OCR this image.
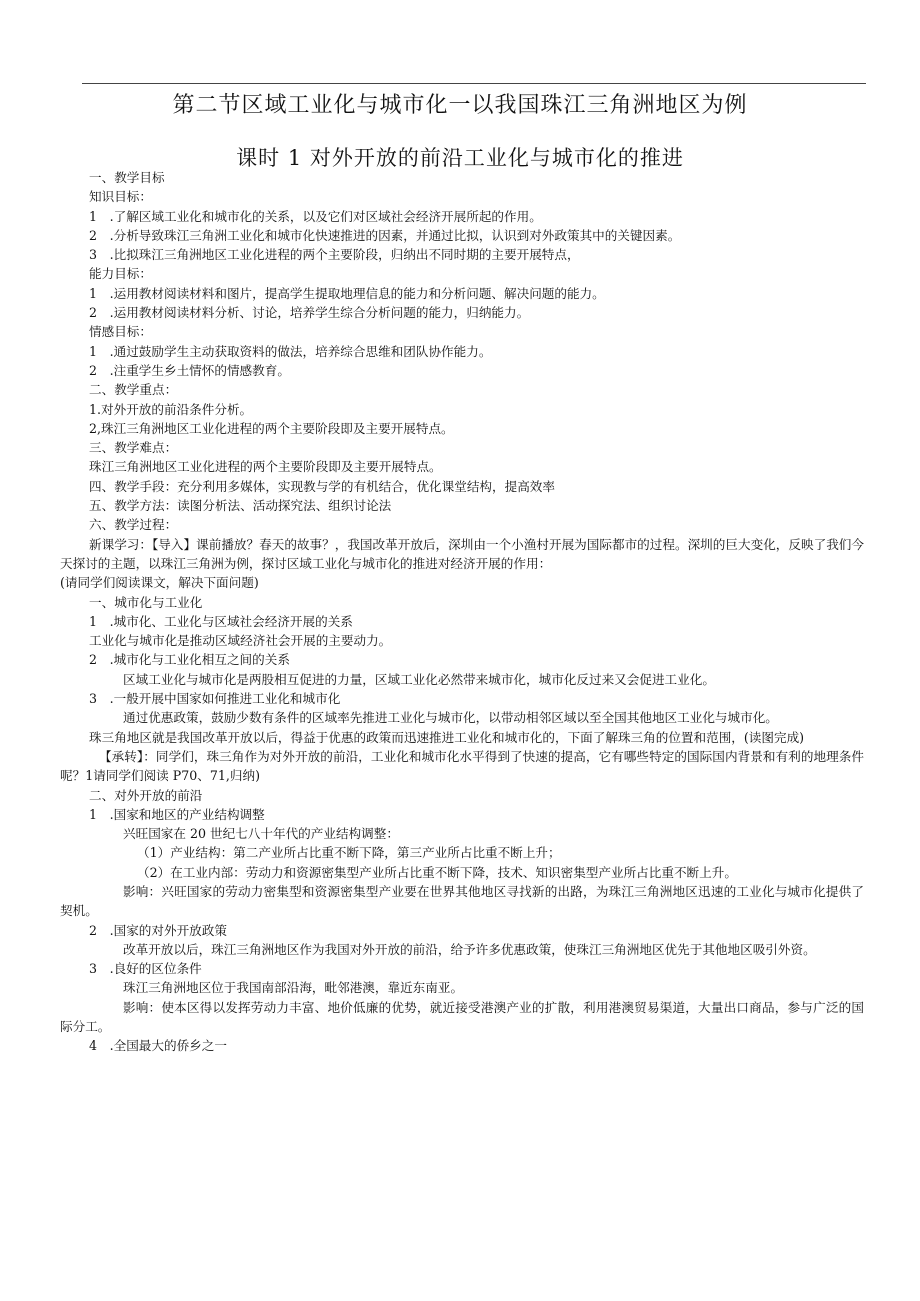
第二节区域工业化与城市化一以我国珠江三角洲地区为例
课时 1 对外开放的前沿工业化与城市化的推进
一、教学目标
知识目标：
1　.了解区域工业化和城市化的关系，以及它们对区域社会经济开展所起的作用。
2　.分析导致珠江三角洲工业化和城市化快速推进的因素，并通过比拟，认识到对外政策其中的关键因素。
3　.比拟珠江三角洲地区工业化进程的两个主要阶段，归纳出不同时期的主要开展特点，
能力目标：
1　.运用教材阅读材料和图片，提高学生提取地理信息的能力和分析问题、解决问题的能力。
2　.运用教材阅读材料分析、讨论，培养学生综合分析问题的能力，归纳能力。
情感目标：
1　.通过鼓励学生主动获取资料的做法，培养综合思维和团队协作能力。
2　.注重学生乡土情怀的情感教育。
二、教学重点：
1.对外开放的前沿条件分析。
2,珠江三角洲地区工业化进程的两个主要阶段即及主要开展特点。
三、教学难点：
珠江三角洲地区工业化进程的两个主要阶段即及主要开展特点。
四、教学手段：充分利用多媒体，实现教与学的有机结合，优化课堂结构，提高效率
五、教学方法：读图分析法、活动探究法、组织讨论法
六、教学过程：
新课学习：【导入】课前播放？春天的故事？，我国改革开放后，深圳由一个小渔村开展为国际都市的过程。深圳的巨大变化，反映了我们今天探讨的主题，以珠江三角洲为例，探讨区域工业化与城市化的推进对经济开展的作用：
(请同学们阅读课文，解决下面问题)
一、城市化与工业化
1　.城市化、工业化与区域社会经济开展的关系
工业化与城市化是推动区域经济社会开展的主要动力。
2　.城市化与工业化相互之间的关系
区域工业化与城市化是两股相互促进的力量，区域工业化必然带来城市化，城市化反过来又会促进工业化。
3　.一般开展中国家如何推进工业化和城市化
通过优惠政策，鼓励少数有条件的区域率先推进工业化与城市化，以带动相邻区域以至全国其他地区工业化与城市化。
珠三角地区就是我国改革开放以后，得益于优惠的政策而迅速推进工业化和城市化的，下面了解珠三角的位置和范围，(读图完成)
【承转】：同学们，珠三角作为对外开放的前沿，工业化和城市化水平得到了快速的提高，它有哪些特定的国际国内背景和有利的地理条件呢？1请同学们阅读 P70、71,归纳)
二、对外开放的前沿
1　.国家和地区的产业结构调整
兴旺国家在 20 世纪七八十年代的产业结构调整：
（1）产业结构：第二产业所占比重不断下降，第三产业所占比重不断上升；
（2）在工业内部：劳动力和资源密集型产业所占比重不断下降，技术、知识密集型产业所占比重不断上升。
影响：兴旺国家的劳动力密集型和资源密集型产业要在世界其他地区寻找新的出路，为珠江三角洲地区迅速的工业化与城市化提供了契机。
2　.国家的对外开放政策
改革开放以后，珠江三角洲地区作为我国对外开放的前沿，给予许多优惠政策，使珠江三角洲地区优先于其他地区吸引外资。
3　.良好的区位条件
珠江三角洲地区位于我国南部沿海，毗邻港澳，靠近东南亚。
影响：使本区得以发挥劳动力丰富、地价低廉的优势，就近接受港澳产业的扩散，利用港澳贸易渠道，大量出口商品，参与广泛的国际分工。
4　.全国最大的侨乡之一
